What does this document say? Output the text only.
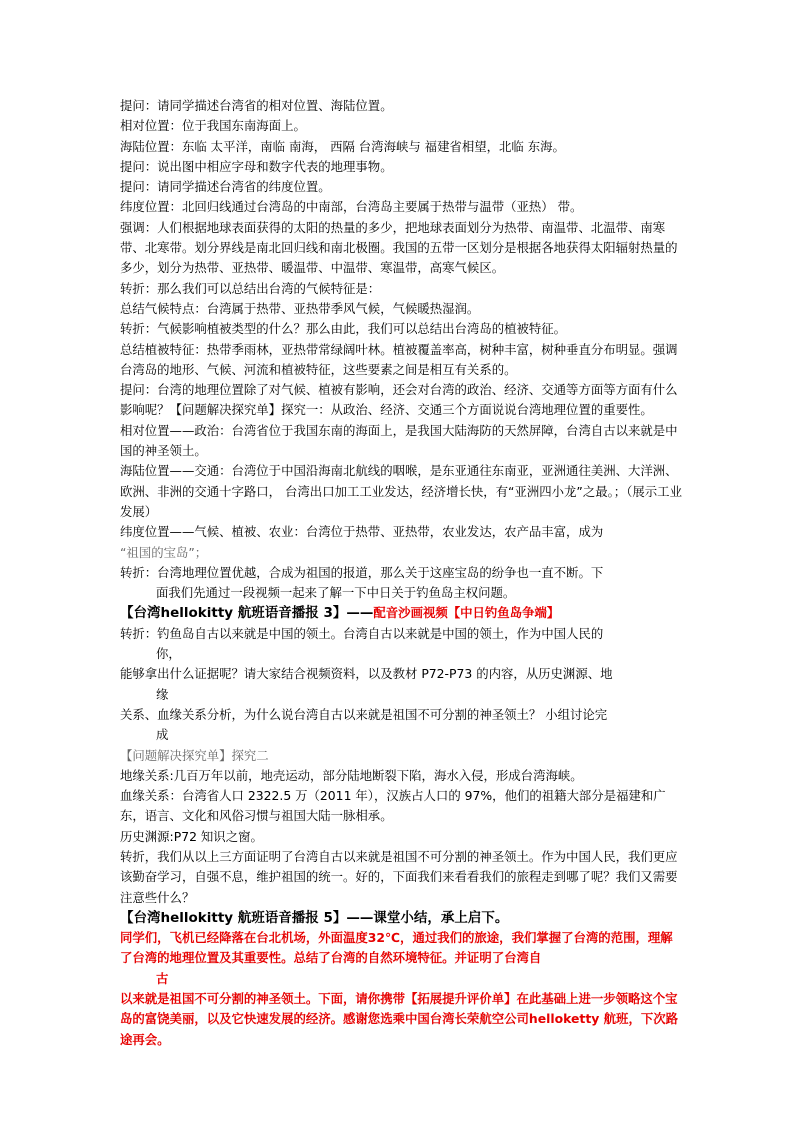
提问：请同学描述台湾省的相对位置、海陆位置。
相对位置：位于我国东南海面上。
海陆位置：东临 太平洋，南临 南海， 西隔 台湾海峡与 福建省相望，北临 东海。
提问：说出图中相应字母和数字代表的地理事物。
提问：请同学描述台湾省的纬度位置。
纬度位置：北回归线通过台湾岛的中南部，台湾岛主要属于热带与温带（亚热） 带。
强调：人们根据地球表面获得的太阳的热量的多少，把地球表面划分为热带、南温带、北温带、南寒带、北寒带。划分界线是南北回归线和南北极圈。我国的五带一区划分是根据各地获得太阳辐射热量的多少，划分为热带、亚热带、暖温带、中温带、寒温带，高寒气候区。
转折：那么我们可以总结出台湾的气候特征是：
总结气候特点：台湾属于热带、亚热带季风气候，气候暖热湿润。
转折：气候影响植被类型的什么？那么由此，我们可以总结出台湾岛的植被特征。
总结植被特征：热带季雨林，亚热带常绿阔叶林。植被覆盖率高，树种丰富，树种垂直分布明显。强调台湾岛的地形、气候、河流和植被特征，这些要素之间是相互有关系的。
提问：台湾的地理位置除了对气候、植被有影响，还会对台湾的政治、经济、交通等方面等方面有什么影响呢？【问题解决探究单】探究一：从政治、经济、交通三个方面说说台湾地理位置的重要性。
相对位置——政治：台湾省位于我国东南的海面上，是我国大陆海防的天然屏障，台湾自古以来就是中国的神圣领土。
海陆位置——交通：台湾位于中国沿海南北航线的咽喉，是东亚通往东南亚，亚洲通往美洲、大洋洲、欧洲、非洲的交通十字路口， 台湾出口加工工业发达，经济增长快，有“亚洲四小龙”之最。；（展示工业发展）
纬度位置——气候、植被、农业：台湾位于热带、亚热带，农业发达，农产品丰富，成为
“祖国的宝岛”；
转折：台湾地理位置优越，合成为祖国的报道，那么关于这座宝岛的纷争也一直不断。下
面我们先通过一段视频一起来了解一下中日关于钓鱼岛主权问题。
【台湾hellokitty 航班语音播报 3】——配音沙画视频【中日钓鱼岛争端】
转折：钓鱼岛自古以来就是中国的领土。台湾自古以来就是中国的领土，作为中国人民的
你，
能够拿出什么证据呢？请大家结合视频资料，以及教材 P72-P73 的内容，从历史渊源、地
缘
关系、血缘关系分析，为什么说台湾自古以来就是祖国不可分割的神圣领土？ 小组讨论完
成
【问题解决探究单】探究二
地缘关系:几百万年以前，地壳运动，部分陆地断裂下陷，海水入侵，形成台湾海峡。
血缘关系：台湾省人口 2322.5 万（2011 年），汉族占人口的 97%，他们的祖籍大部分是福建和广东，语言、文化和风俗习惯与祖国大陆一脉相承。
历史渊源:P72 知识之窗。
转折，我们从以上三方面证明了台湾自古以来就是祖国不可分割的神圣领土。作为中国人民，我们更应该勤奋学习，自强不息，维护祖国的统一。好的，下面我们来看看我们的旅程走到哪了呢？我们又需要注意些什么？
【台湾hellokitty 航班语音播报 5】——课堂小结，承上启下。
同学们，飞机已经降落在台北机场，外面温度32℃，通过我们的旅途，我们掌握了台湾的范围，理解了台湾的地理位置及其重要性。总结了台湾的自然环境特征。并证明了台湾自
古
以来就是祖国不可分割的神圣领土。下面，请你携带【拓展提升评价单】在此基础上进一步领略这个宝岛的富饶美丽，以及它快速发展的经济。感谢您选乘中国台湾长荣航空公司helloketty 航班，下次路途再会。
